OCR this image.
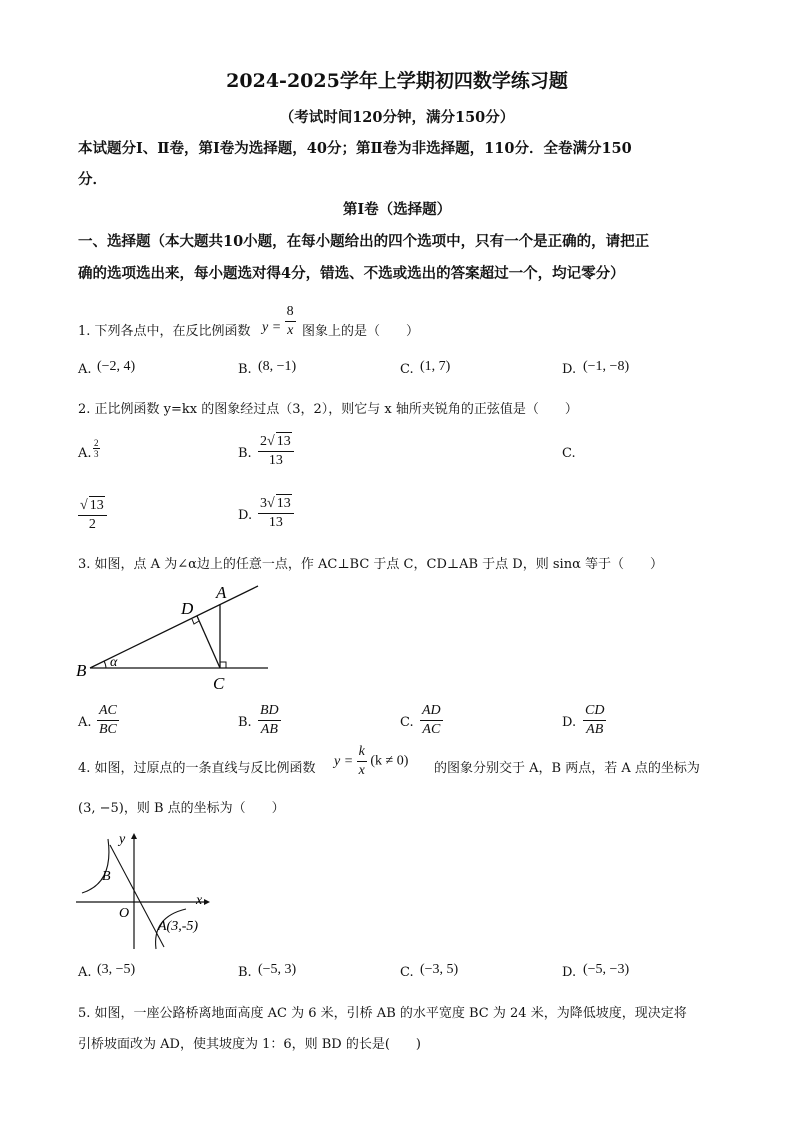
2024-2025学年上学期初四数学练习题
（考试时间120分钟，满分150分）
本试题分Ⅰ、Ⅱ卷，第Ⅰ卷为选择题，40分；第Ⅱ卷为非选择题，110分．全卷满分150
分．
第Ⅰ卷（选择题）
一、选择题（本大题共10小题，在每小题给出的四个选项中，只有一个是正确的，请把正
确的选项选出来，每小题选对得4分，错选、不选或选出的答案超过一个，均记零分）
1. 下列各点中，在反比例函数 $y = \frac{8}{x}$ 图象上的是（　　）
A. (−2, 4)	B. (8, −1)	C. (1, 7)	D. (−1, −8)
2. 正比例函数 y=kx 的图象经过点（3，2），则它与 x 轴所夹锐角的正弦值是（　　）
A. $\frac{2}{3}$	B. $\frac{2√ 13}{13}$	C.
$\frac{√ 13}{2}$	D. $\frac{3√ 13}{13}$
3. 如图，点 A 为∠α边上的任意一点，作 AC⊥BC 于点 C，CD⊥AB 于点 D，则 sinα 等于（　　）
A
B
C
D
α
A. $\frac{AC}{BC}$	B. $\frac{BD}{AB}$	C. $\frac{AD}{AC}$	D. $\frac{CD}{AB}$
4. 如图，过原点的一条直线与反比例函数 $y = \frac{k}{x} (k \ne 0)$ 的图象分别交于 A，B 两点，若 A 点的坐标为
(3, −5)，则 B 点的坐标为（　　）
y
x
O
B
A(3,-5)
A. (3, −5)	B. (−5, 3)	C. (−3, 5)	D. (−5, −3)
5. 如图，一座公路桥离地面高度 AC 为 6 米，引桥 AB 的水平宽度 BC 为 24 米，为降低坡度，现决定将
引桥坡面改为 AD，使其坡度为 1：6，则 BD 的长是(　　)
